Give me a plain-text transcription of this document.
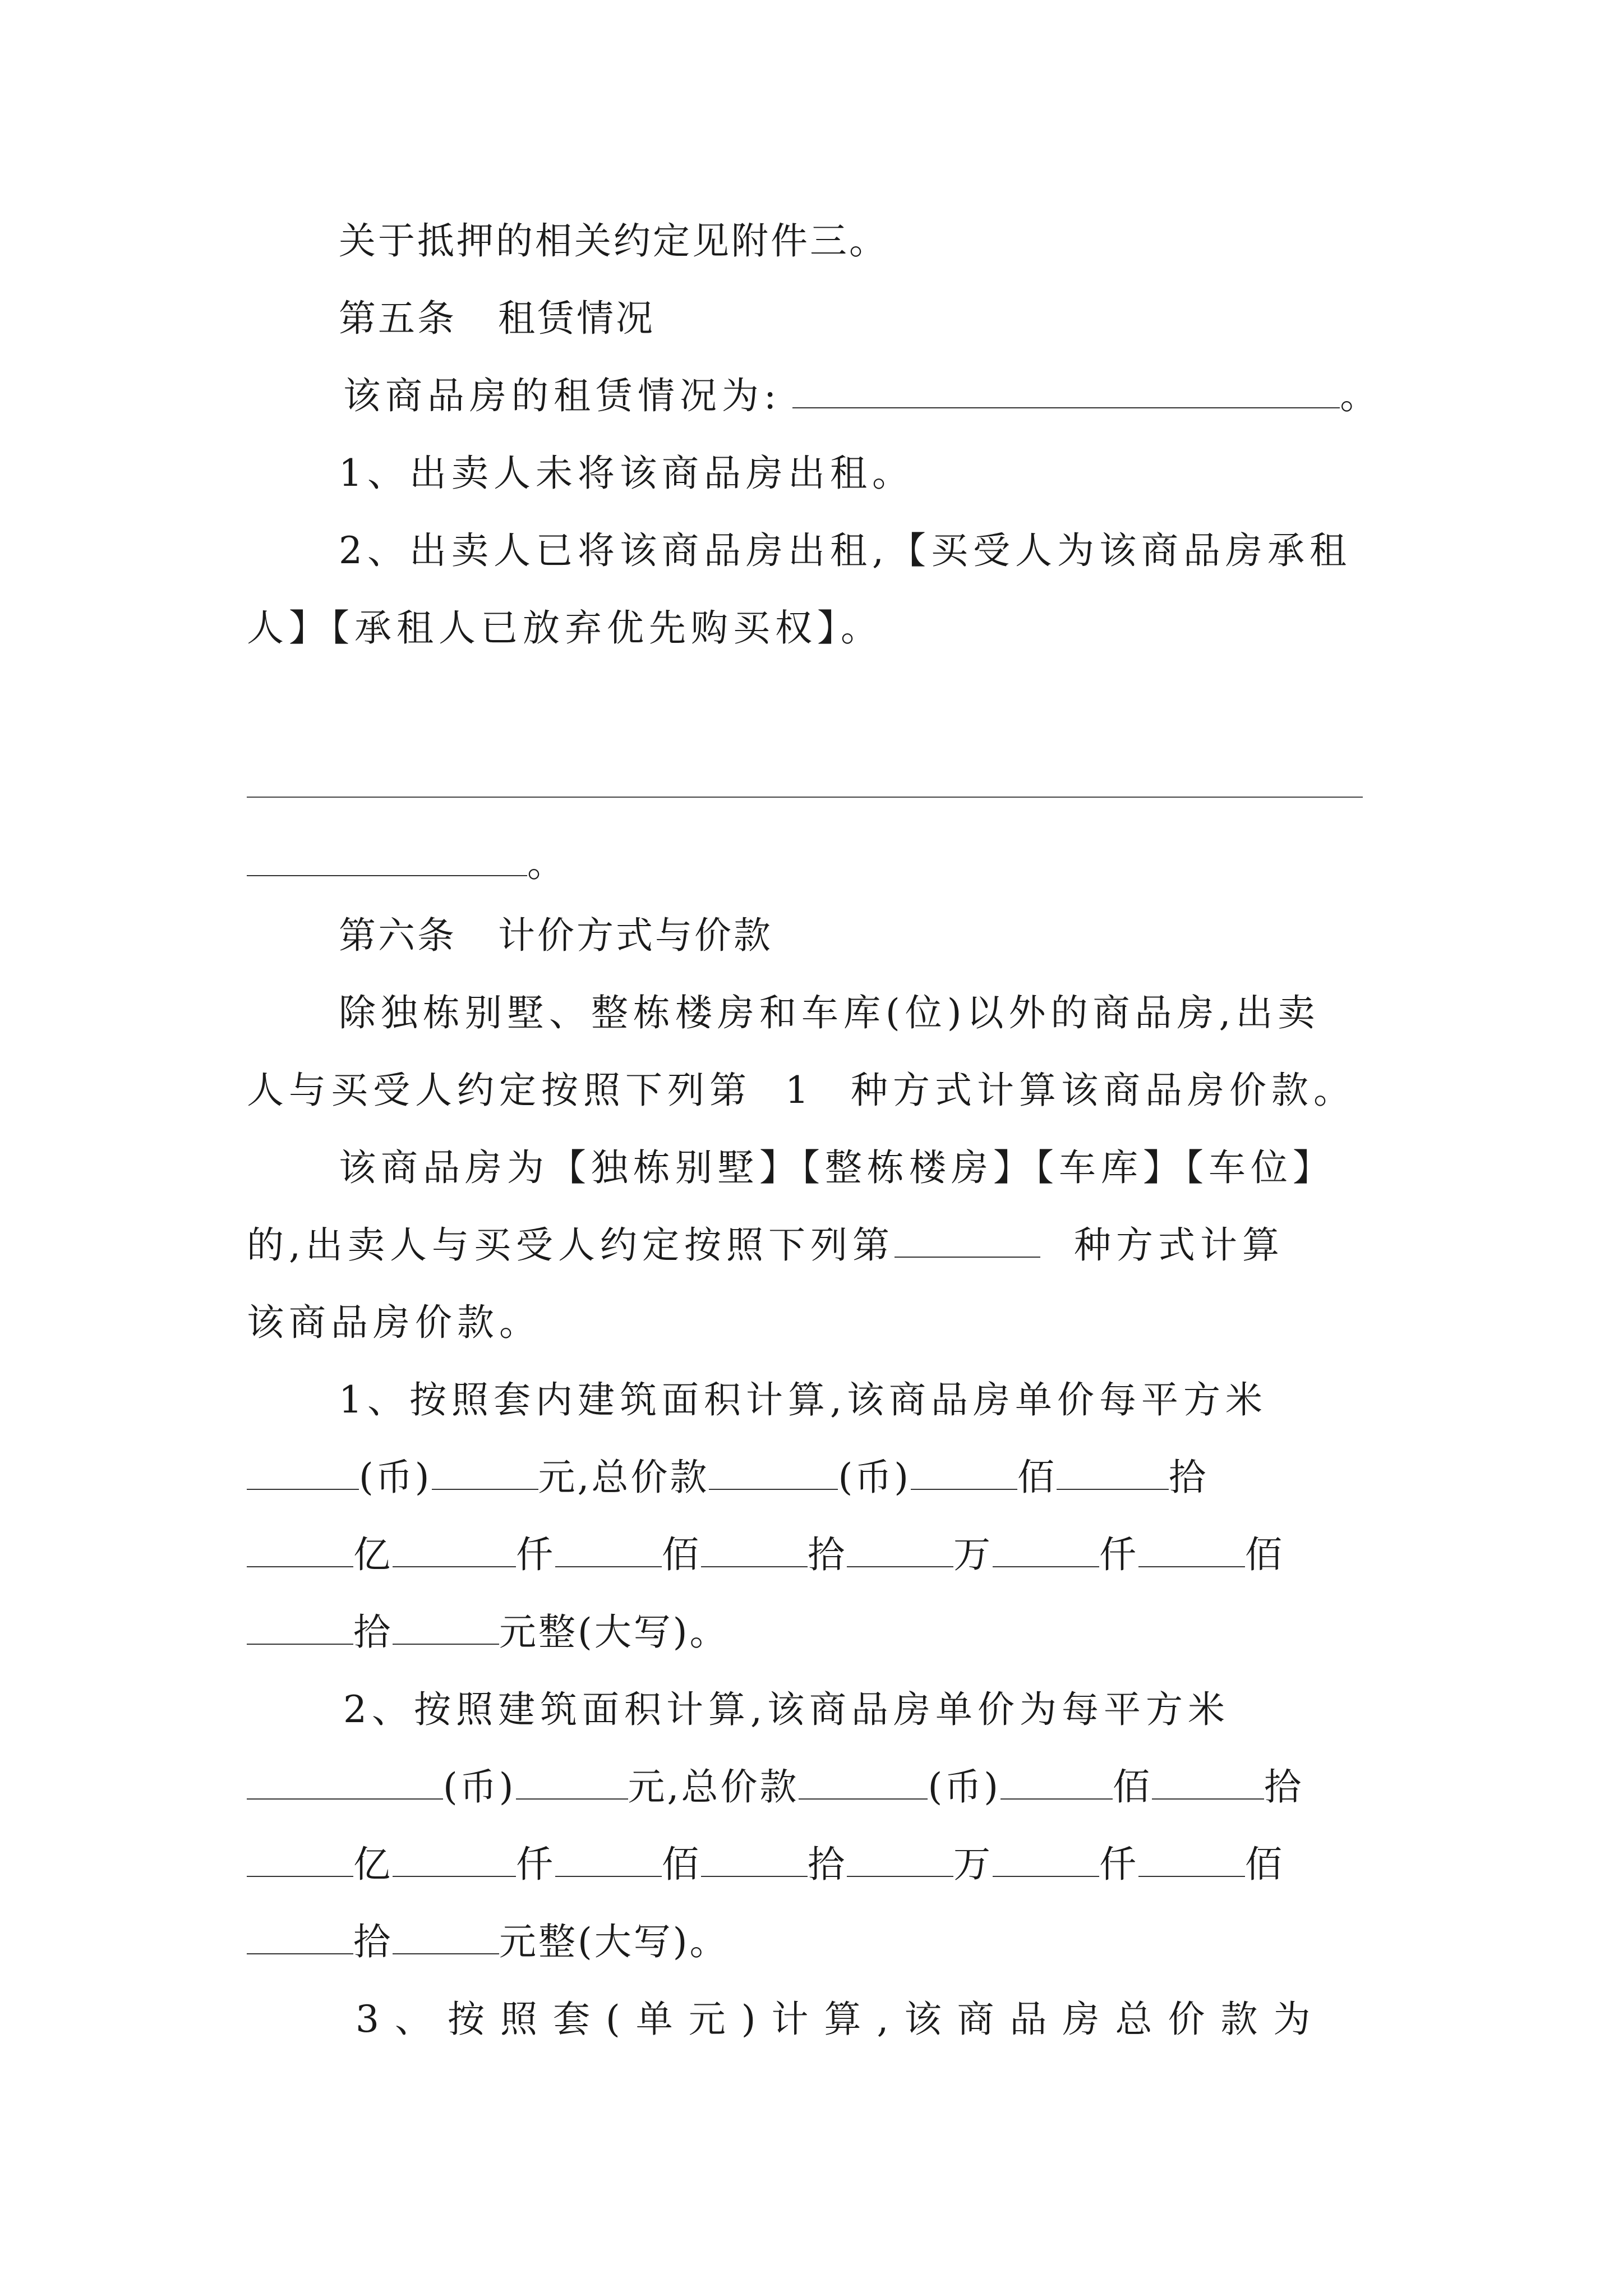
关于抵押的相关约定见附件三。
第五条 租赁情况
该商品房的租赁情况为:	。
1、出卖人未将该商品房出租。
2、出卖人已将该商品房出租,【买受人为该商品房承租
人】【承租人已放弃优先购买权】。
。
第六条 计价方式与价款
除独栋别墅、整栋楼房和车库(位)以外的商品房,出卖
人与买受人约定按照下列第 1 种方式计算该商品房价款。
该商品房为【独栋别墅】【整栋楼房】【车库】【车位】
的,出卖人与买受人约定按照下列第	种方式计算
该商品房价款。
1、按照套内建筑面积计算,该商品房单价每平方米
(币)	元,总价款	(币)	佰	拾
亿	仟	佰	拾	万	仟	佰
拾	元整(大写)。
2、按照建筑面积计算,该商品房单价为每平方米
(币)	元,总价款	(币)	佰	拾
亿	仟	佰	拾	万	仟	佰
拾	元整(大写)。
3、按照套(单元)计算,该商品房总价款为
